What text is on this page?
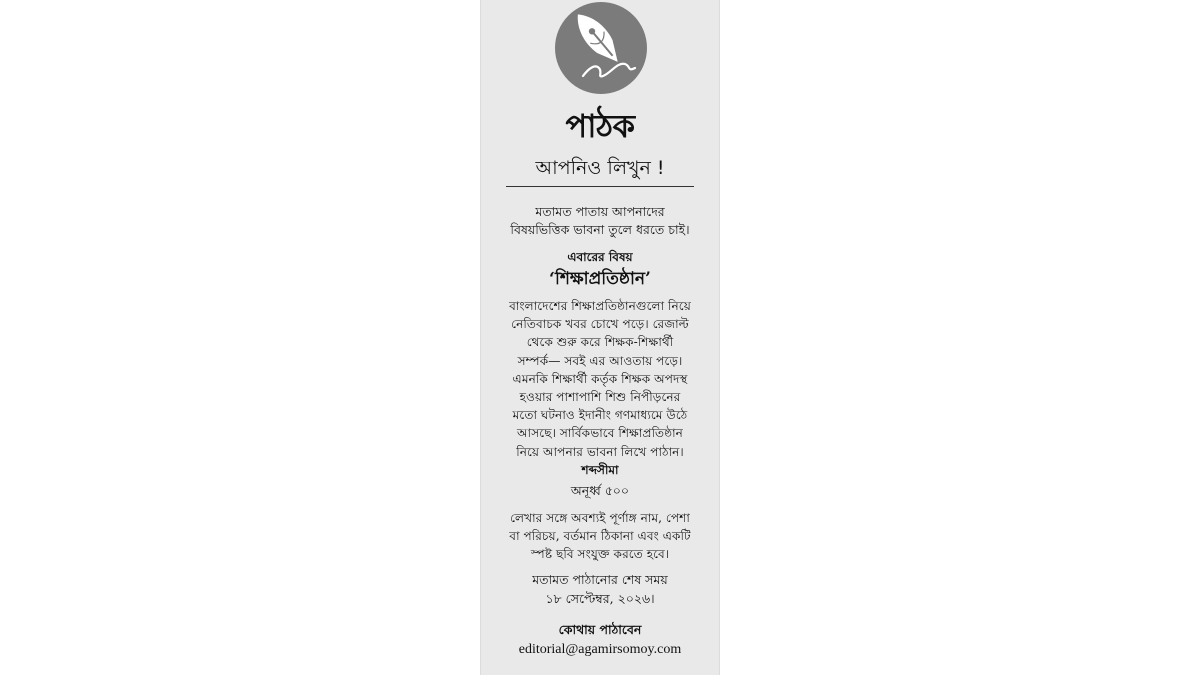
পাঠক
আপনিও লিখুন !
মতামত পাতায় আপনাদের
বিষয়ভিত্তিক ভাবনা তুলে ধরতে চাই।
এবারের বিষয়
‘শিক্ষাপ্রতিষ্ঠান’
বাংলাদেশের শিক্ষাপ্রতিষ্ঠানগুলো নিয়ে
নেতিবাচক খবর চোখে পড়ে। রেজাল্ট
থেকে শুরু করে শিক্ষক-শিক্ষার্থী
সম্পর্ক— সবই এর আওতায় পড়ে।
এমনকি শিক্ষার্থী কর্তৃক শিক্ষক অপদস্থ
হওয়ার পাশাপাশি শিশু নিপীড়নের
মতো ঘটনাও ইদানীং গণমাধ্যমে উঠে
আসছে। সার্বিকভাবে শিক্ষাপ্রতিষ্ঠান
নিয়ে আপনার ভাবনা লিখে পাঠান।
শব্দসীমা
অনূর্ধ্ব ৫০০
লেখার সঙ্গে অবশ্যই পূর্ণাঙ্গ নাম, পেশা
বা পরিচয়, বর্তমান ঠিকানা এবং একটি
স্পষ্ট ছবি সংযুক্ত করতে হবে।
মতামত পাঠানোর শেষ সময়
১৮ সেপ্টেম্বর, ২০২৬।
কোথায় পাঠাবেন
editorial@agamirsomoy.com
